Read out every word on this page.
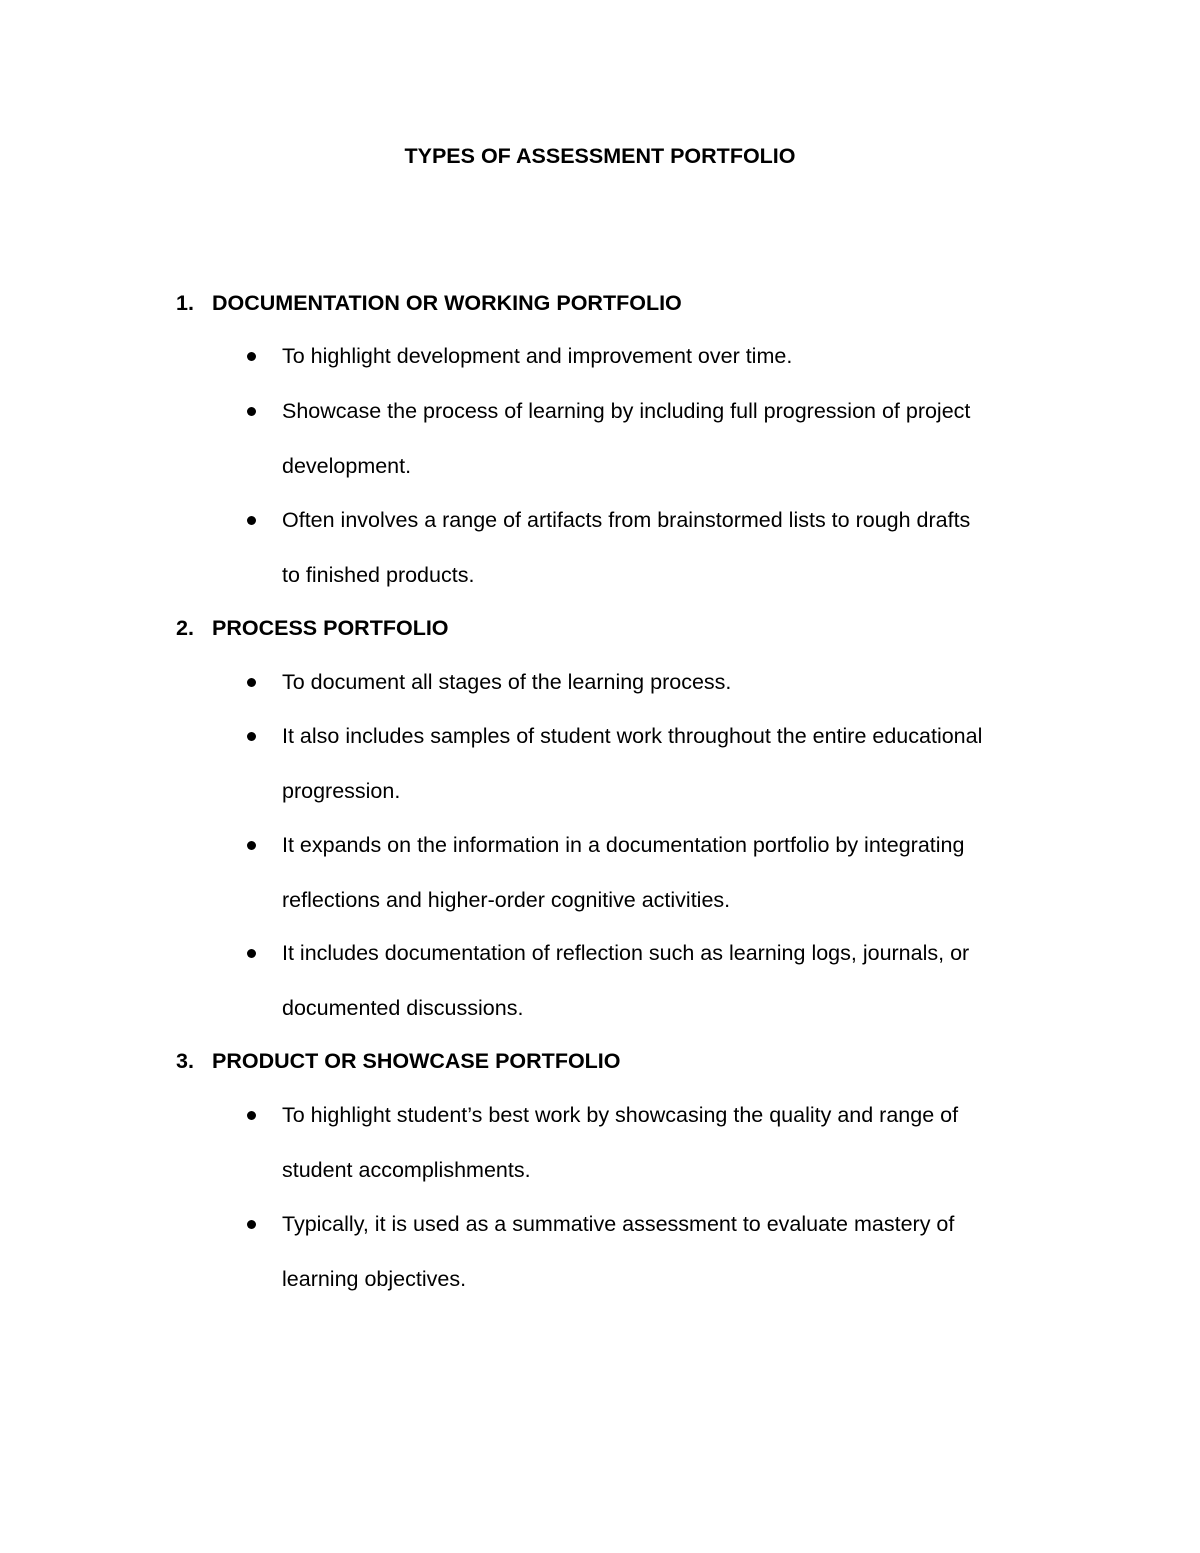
TYPES OF ASSESSMENT PORTFOLIO
1. DOCUMENTATION OR WORKING PORTFOLIO
To highlight development and improvement over time.
Showcase the process of learning by including full progression of project
development.
Often involves a range of artifacts from brainstormed lists to rough drafts
to finished products.
2. PROCESS PORTFOLIO
To document all stages of the learning process.
It also includes samples of student work throughout the entire educational
progression.
It expands on the information in a documentation portfolio by integrating
reflections and higher-order cognitive activities.
It includes documentation of reflection such as learning logs, journals, or
documented discussions.
3. PRODUCT OR SHOWCASE PORTFOLIO
To highlight student’s best work by showcasing the quality and range of
student accomplishments.
Typically, it is used as a summative assessment to evaluate mastery of
learning objectives.
